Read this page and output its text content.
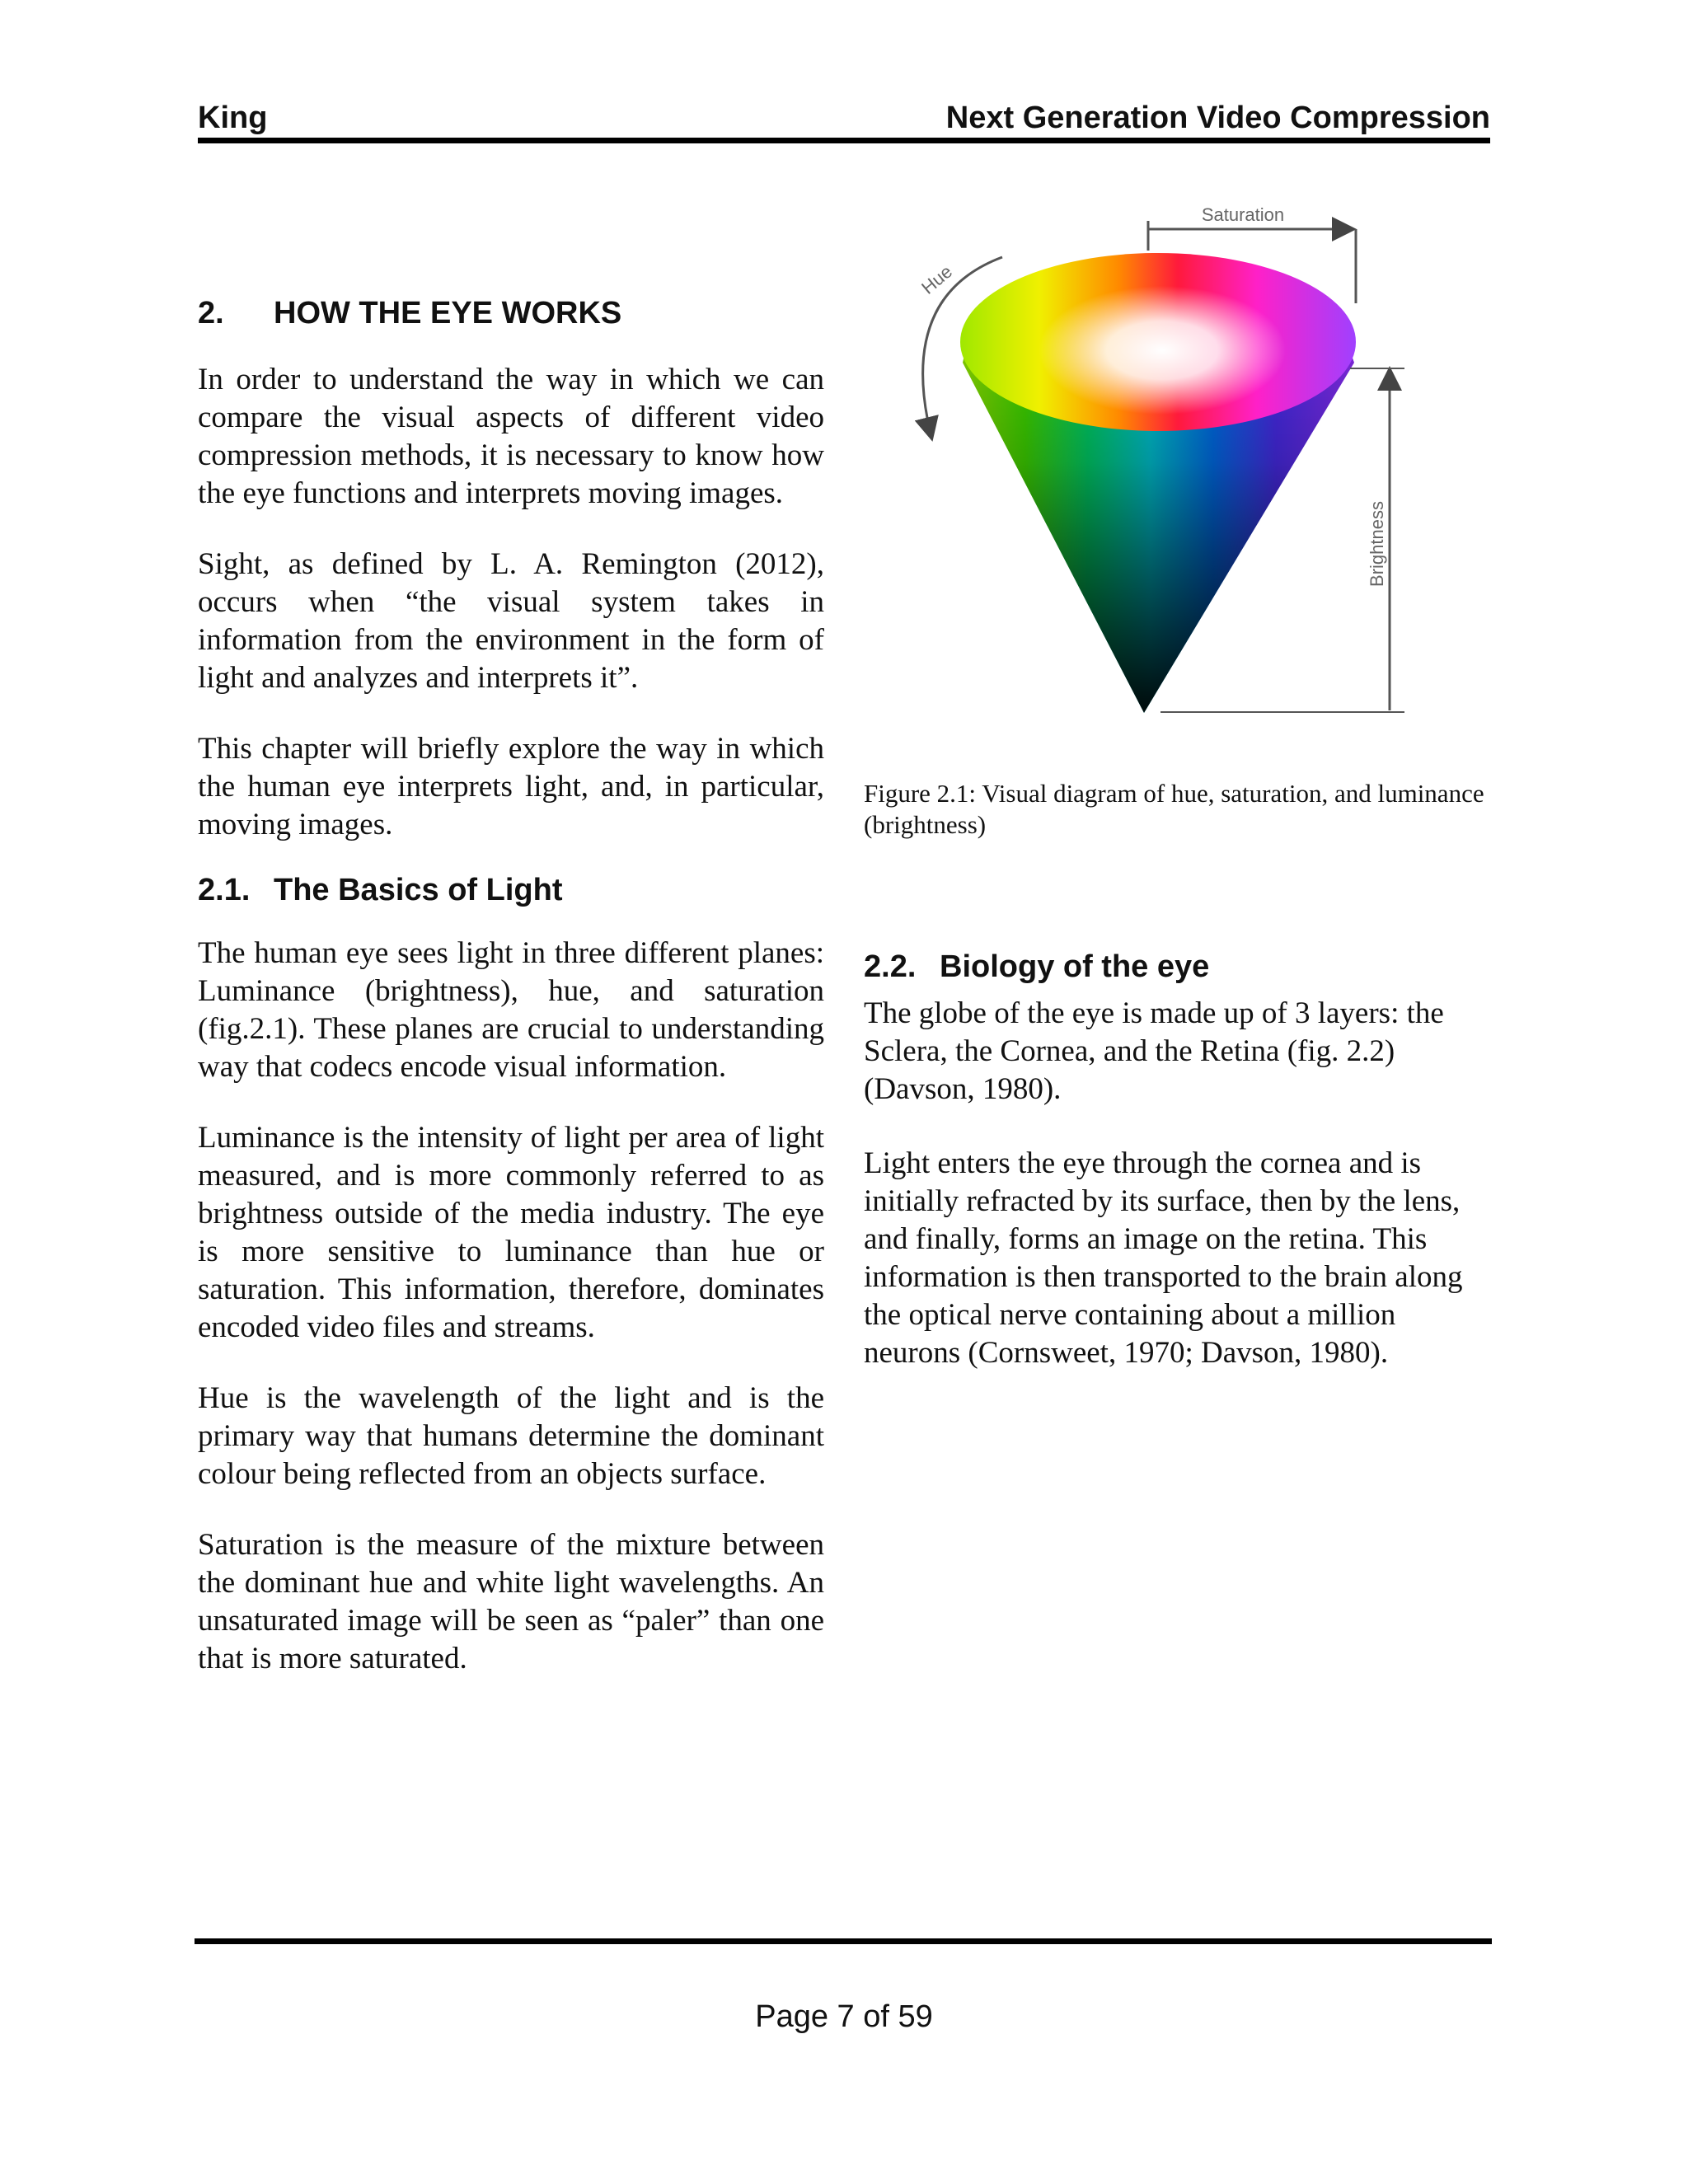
King	Next Generation Video Compression
2. HOW THE EYE WORKS

In order to understand the way in which we can compare the visual aspects of different video compression methods, it is necessary to know how the eye functions and interprets moving images.

Sight, as defined by L. A. Remington (2012), occurs when “the visual system takes in information from the environment in the form of light and analyzes and interprets it”.

This chapter will briefly explore the way in which the human eye interprets light, and, in particular, moving images.

2.1. The Basics of Light

The human eye sees light in three different planes: Luminance (brightness), hue, and saturation (fig.2.1). These planes are crucial to understanding way that codecs encode visual information.

Luminance is the intensity of light per area of light measured, and is more commonly referred to as brightness outside of the media industry. The eye is more sensitive to luminance than hue or saturation. This information, therefore, dominates encoded video files and streams.

Hue is the wavelength of the light and is the primary way that humans determine the dominant colour being reflected from an objects surface.

Saturation is the measure of the mixture between the dominant hue and white light wavelengths. An unsaturated image will be seen as “paler” than one that is more saturated.

Saturation
Hue
Brightness
Figure 2.1: Visual diagram of hue, saturation, and luminance (brightness)
2.2. Biology of the eye

The globe of the eye is made up of 3 layers: the Sclera, the Cornea, and the Retina (fig. 2.2) (Davson, 1980).

Light enters the eye through the cornea and is initially refracted by its surface, then by the lens, and finally, forms an image on the retina. This information is then transported to the brain along the optical nerve containing about a million neurons (Cornsweet, 1970; Davson, 1980).

Page 7 of 59
